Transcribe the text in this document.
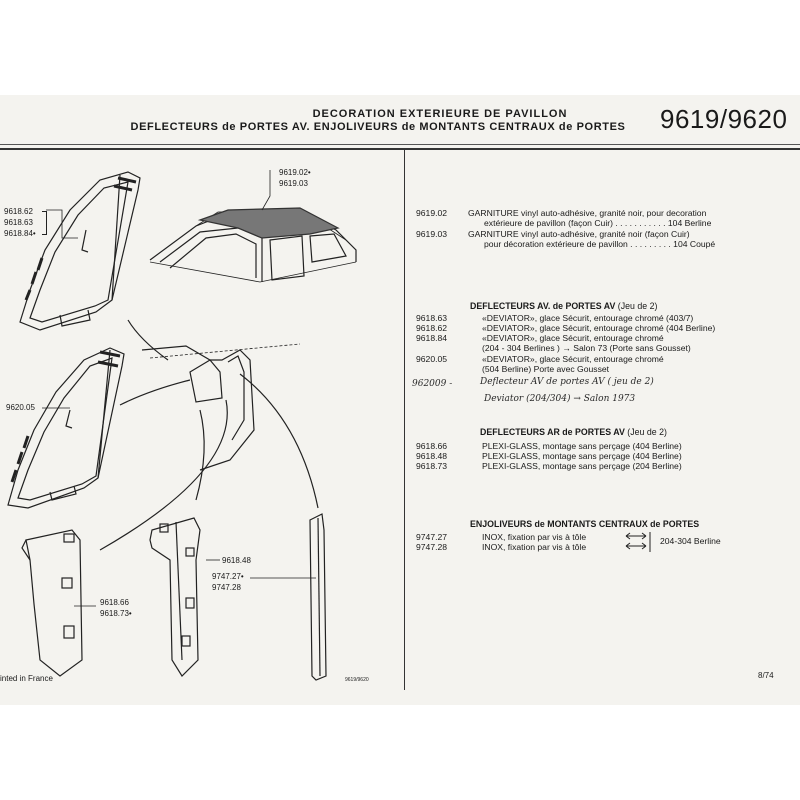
DECORATION EXTERIEURE DE PAVILLON
DEFLECTEURS de PORTES AV. ENJOLIVEURS de MONTANTS CENTRAUX de PORTES	9619/9620
9618.62
9618.63
9618.84•
9619.02•
9619.03
9620.05
9618.48
9747.27•
9747.28
9618.66
9618.73•
9619.02 GARNITURE vinyl auto-adhésive, granité noir, pour decoration
extérieure de pavillon (façon Cuir) . . . . . . . . . . . 104 Berline
9619.03 GARNITURE vinyl auto-adhésive, granité noir (façon Cuir)
pour décoration extérieure de pavillon . . . . . . . . . 104 Coupé
DEFLECTEURS AV. de PORTES AV (Jeu de 2)
9618.63	«DEVIATOR», glace Sécurit, entourage chromé (403/7)
9618.62	«DEVIATOR», glace Sécurit, entourage chromé (404 Berline)
9618.84	«DEVIATOR», glace Sécurit, entourage chromé
(204 - 304 Berlines ) → Salon 73 (Porte sans Gousset)
9620.05	«DEVIATOR», glace Sécurit, entourage chromé
(504 Berline) Porte avec Gousset
962009 -	Deflecteur AV de portes AV ( jeu de 2)
Deviator (204/304) → Salon 1973
DEFLECTEURS AR de PORTES AV (Jeu de 2)
9618.66	PLEXI-GLASS, montage sans perçage (404 Berline)
9618.48	PLEXI-GLASS, montage sans perçage (404 Berline)
9618.73	PLEXI-GLASS, montage sans perçage (204 Berline)
ENJOLIVEURS de MONTANTS CENTRAUX de PORTES
9747.27	INOX, fixation par vis à tôle
9747.28	INOX, fixation par vis à tôle
204-304 Berline
inted in France	9619/9620	8/74
